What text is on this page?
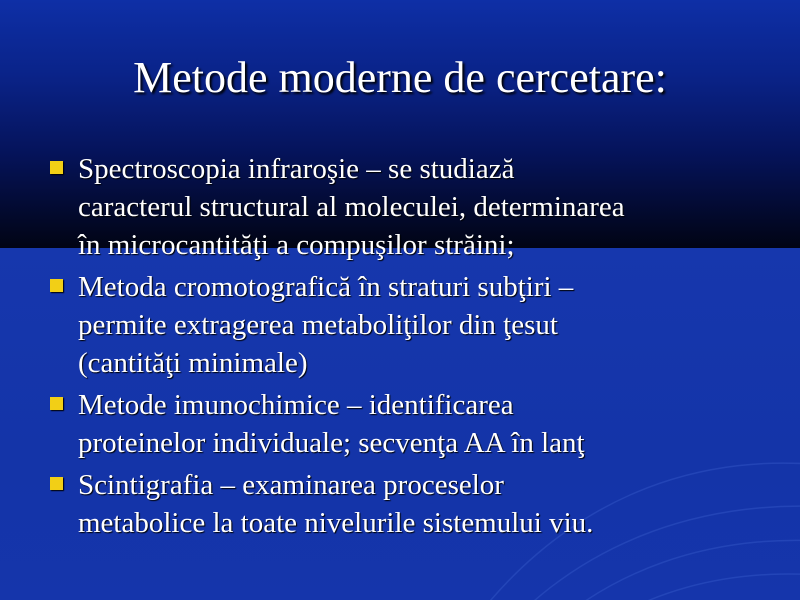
Metode moderne de cercetare:
Spectroscopia infraroşie – se studiază
caracterul structural al moleculei, determinarea
în microcantităţi a compuşilor străini;
Metoda cromotografică în straturi subţiri –
permite extragerea metaboliţilor din ţesut
(cantităţi minimale)
Metode imunochimice – identificarea
proteinelor individuale; secvenţa AA în lanţ
Scintigrafia – examinarea proceselor
metabolice la toate nivelurile sistemului viu.
